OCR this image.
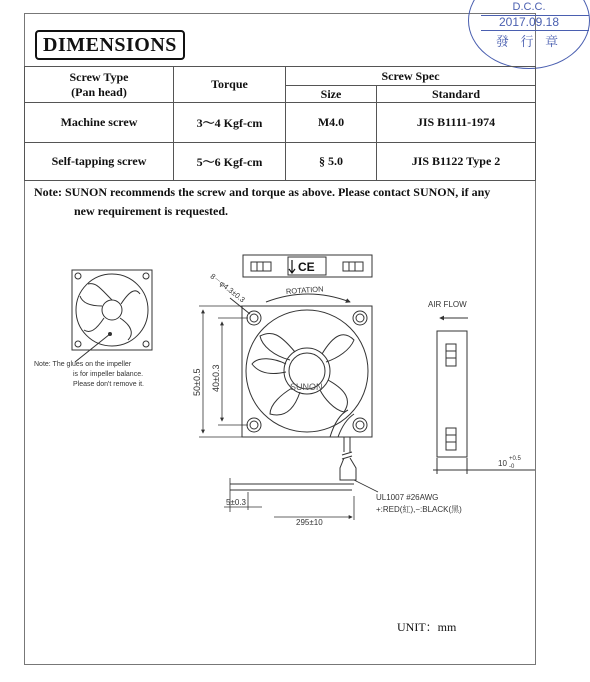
D.C.C.
2017.09.18
發 行 章
DIMENSIONS
Screw Type
(Pan head)	Torque	Screw Spec	
		Size	Standard
Machine screw	3～4 Kgf-cm	M4.0	JIS B1111-1974
Self-tapping screw	5～6 Kgf-cm	§ 5.0	JIS B1122 Type 2
Note: SUNON recommends the screw and torque as above. Please contact SUNON, if any
new requirement is requested.
Note: The glues on the impeller
is for impeller balance.
Please don't remove it.
CE
ROTATION
SUNON
8－φ4.3±0.3
50±0.5 40±0.3
5±0.3
295±10
UL1007 #26AWG
+:RED(紅),−:BLACK(黑)
AIR FLOW
10 +0.5
-0
UNIT：mm
